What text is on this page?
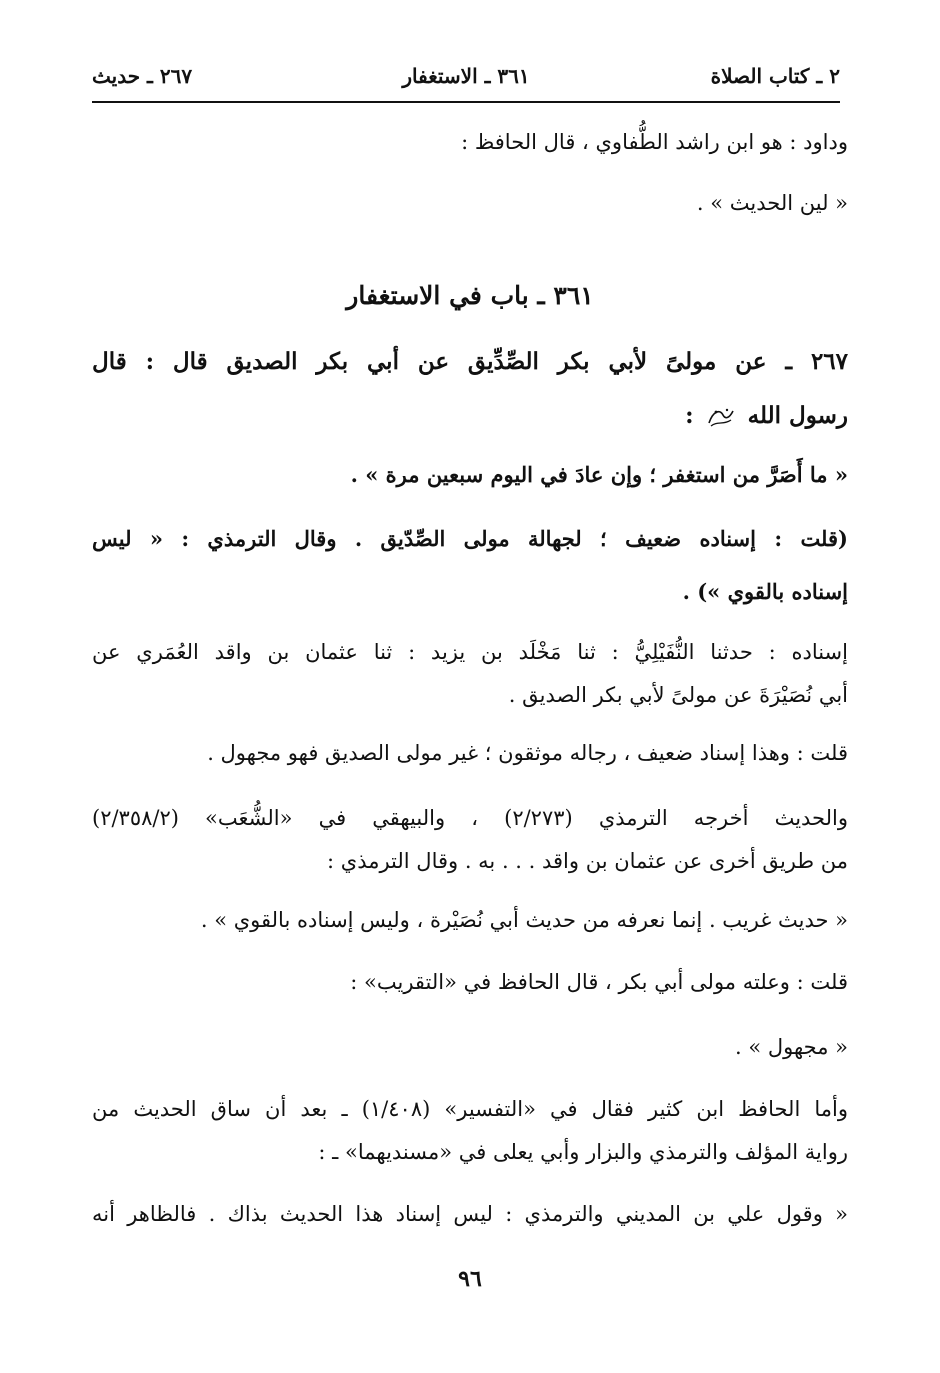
٢ ـ كتاب الصلاة
٣٦١ ـ الاستغفار
٢٦٧ ـ حديث
وداود : هو ابن راشد الطُّفاوي ، قال الحافظ :
« لين الحديث » .
٣٦١ ـ باب في الاستغفار
٢٦٧ ـ عن مولىً لأبي بكر الصِّدِّيق عن أبي بكر الصديق قال : قال
رسول الله  :
« ما أَصَرَّ من استغفر ؛ وإن عادَ في اليوم سبعين مرة » .
(قلت : إسناده ضعيف ؛ لجهالة مولى الصِّدّيق . وقال الترمذي : « ليس
إسناده بالقوي ») .
إسناده : حدثنا النُّفَيْلِيُّ : ثنا مَخْلَد بن يزيد : ثنا عثمان بن واقد العُمَري عن
أبي نُصَيْرَةَ عن مولىً لأبي بكر الصديق .
قلت : وهذا إسناد ضعيف ، رجاله موثقون ؛ غير مولى الصديق فهو مجهول .
والحديث أخرجه الترمذي (٢/٢٧٣) ، والبيهقي في «الشُّعَب» (٢/٣٥٨/٢)
من طريق أخرى عن عثمان بن واقد . . . به . وقال الترمذي :
« حديث غريب . إنما نعرفه من حديث أبي نُصَيْرة ، وليس إسناده بالقوي » .
قلت : وعلته مولى أبي بكر ، قال الحافظ في «التقريب» :
« مجهول » .
وأما الحافظ ابن كثير فقال في «التفسير» (١/٤٠٨) ـ بعد أن ساق الحديث من
رواية المؤلف والترمذي والبزار وأبي يعلى في «مسنديهما» ـ :
« وقول علي بن المديني والترمذي : ليس إسناد هذا الحديث بذاك . فالظاهر أنه
٩٦
